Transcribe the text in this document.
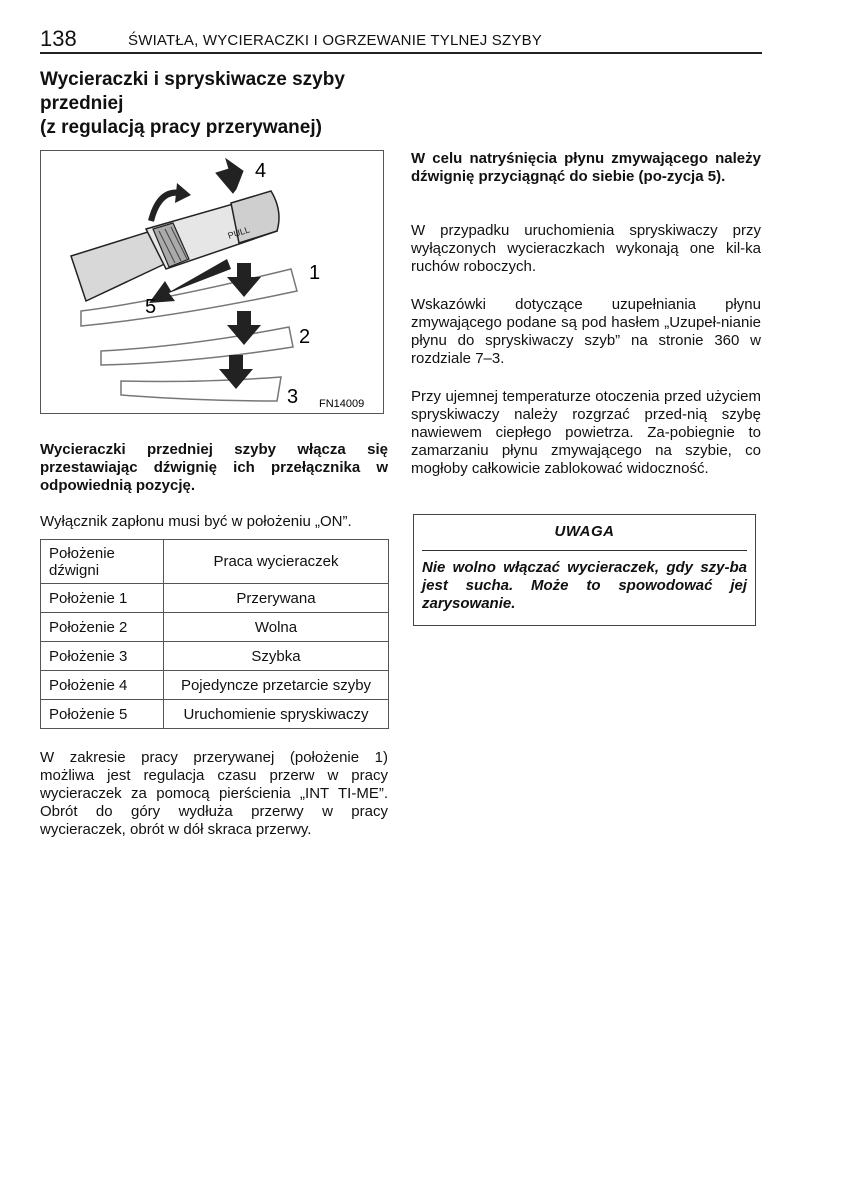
138	ŚWIATŁA, WYCIERACZKI I OGRZEWANIE TYLNEJ SZYBY
Wycieraczki i spryskiwacze szyby
przedniej
(z regulacją pracy przerywanej)
PULL
4
1
2
3
5
FN14009
Wycieraczki przedniej szyby włącza się przestawiając dźwignię ich przełącznika w odpowiednią pozycję.
Wyłącznik zapłonu musi być w położeniu „ON”.
Położenie dźwigni	Praca wycieraczek
Położenie 1	Przerywana
Położenie 2	Wolna
Położenie 3	Szybka
Położenie 4	Pojedyncze przetarcie szyby
Położenie 5	Uruchomienie spryskiwaczy
W zakresie pracy przerywanej (położenie 1) możliwa jest regulacja czasu przerw w pracy wycieraczek za pomocą pierścienia „INT TI-ME”. Obrót do góry wydłuża przerwy w pracy wycieraczek, obrót w dół skraca przerwy.
W celu natryśnięcia płynu zmywającego należy dźwignię przyciągnąć do siebie (po-zycja 5).
W przypadku uruchomienia spryskiwaczy przy wyłączonych wycieraczkach wykonają one kil-ka ruchów roboczych.
Wskazówki dotyczące uzupełniania płynu zmywającego podane są pod hasłem „Uzupeł-nianie płynu do spryskiwaczy szyb” na stronie 360 w rozdziale 7–3.
Przy ujemnej temperaturze otoczenia przed użyciem spryskiwaczy należy rozgrzać przed-nią szybę nawiewem ciepłego powietrza. Za-pobiegnie to zamarzaniu płynu zmywającego na szybie, co mogłoby całkowicie zablokować widoczność.
UWAGA
Nie wolno włączać wycieraczek, gdy szy-ba jest sucha. Może to spowodować jej zarysowanie.
